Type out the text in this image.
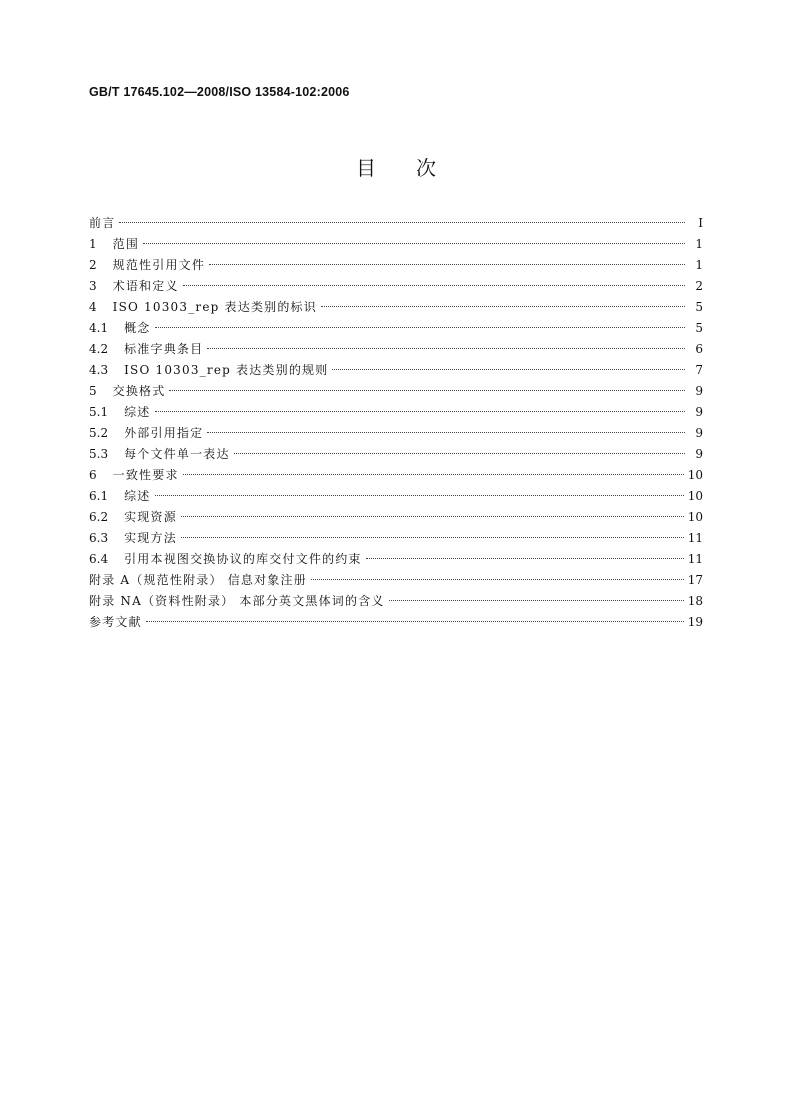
GB/T 17645.102—2008/ISO 13584-102:2006
目次
前言	Ⅰ
1 范围	1
2 规范性引用文件	1
3 术语和定义	2
4 ISO 10303_rep 表达类别的标识	5
4.1 概念	5
4.2 标准字典条目	6
4.3 ISO 10303_rep 表达类别的规则	7
5 交换格式	9
5.1 综述	9
5.2 外部引用指定	9
5.3 每个文件单一表达	9
6 一致性要求	10
6.1 综述	10
6.2 实现资源	10
6.3 实现方法	11
6.4 引用本视图交换协议的库交付文件的约束	11
附录 A（规范性附录） 信息对象注册	17
附录 NA（资料性附录） 本部分英文黑体词的含义	18
参考文献	19
